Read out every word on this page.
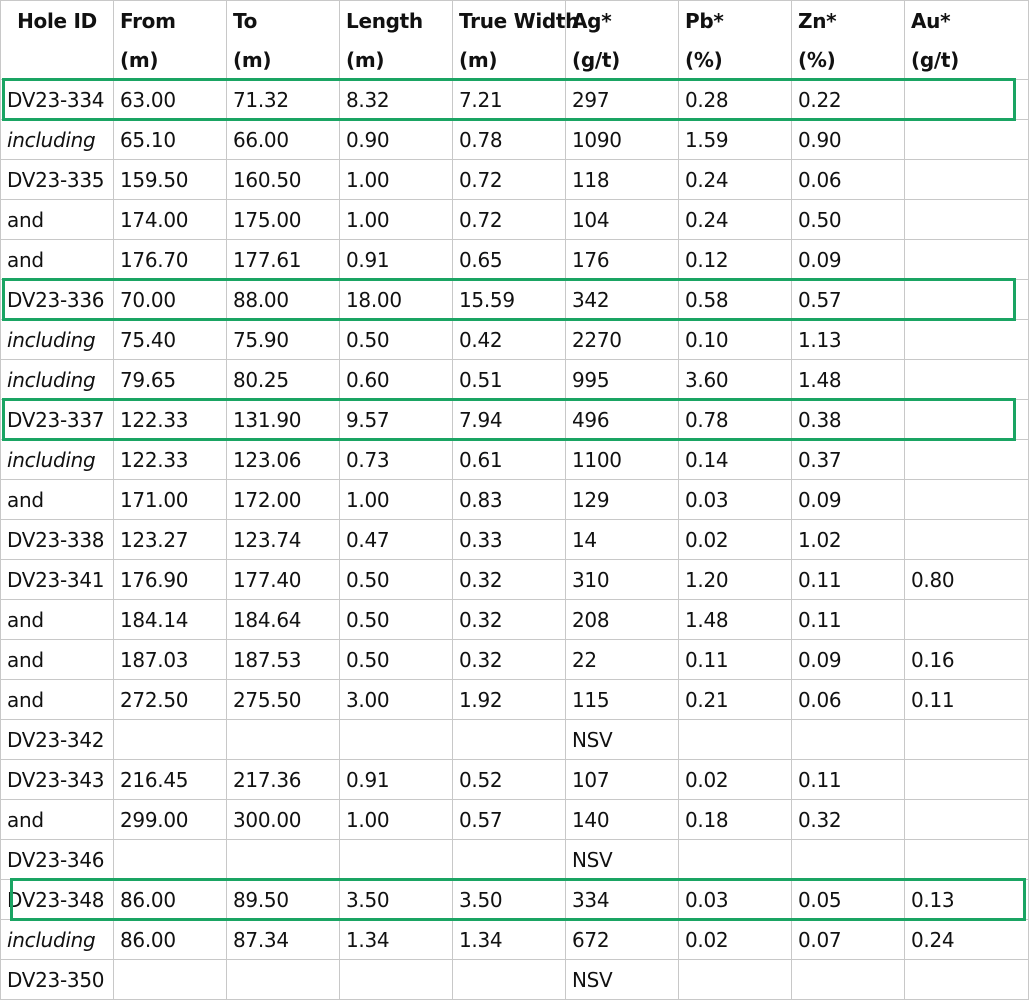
Hole ID	From	To	Length	True Width	Ag*	Pb*	Zn*	Au*
	(m)	(m)	(m)	(m)	(g/t)	(%)	(%)	(g/t)
DV23-334	63.00	71.32	8.32	7.21	297	0.28	0.22	
including	65.10	66.00	0.90	0.78	1090	1.59	0.90	
DV23-335	159.50	160.50	1.00	0.72	118	0.24	0.06	
and	174.00	175.00	1.00	0.72	104	0.24	0.50	
and	176.70	177.61	0.91	0.65	176	0.12	0.09	
DV23-336	70.00	88.00	18.00	15.59	342	0.58	0.57	
including	75.40	75.90	0.50	0.42	2270	0.10	1.13	
including	79.65	80.25	0.60	0.51	995	3.60	1.48	
DV23-337	122.33	131.90	9.57	7.94	496	0.78	0.38	
including	122.33	123.06	0.73	0.61	1100	0.14	0.37	
and	171.00	172.00	1.00	0.83	129	0.03	0.09	
DV23-338	123.27	123.74	0.47	0.33	14	0.02	1.02	
DV23-341	176.90	177.40	0.50	0.32	310	1.20	0.11	0.80
and	184.14	184.64	0.50	0.32	208	1.48	0.11	
and	187.03	187.53	0.50	0.32	22	0.11	0.09	0.16
and	272.50	275.50	3.00	1.92	115	0.21	0.06	0.11
DV23-342					NSV			
DV23-343	216.45	217.36	0.91	0.52	107	0.02	0.11	
and	299.00	300.00	1.00	0.57	140	0.18	0.32	
DV23-346					NSV			
DV23-348	86.00	89.50	3.50	3.50	334	0.03	0.05	0.13
including	86.00	87.34	1.34	1.34	672	0.02	0.07	0.24
DV23-350					NSV			
